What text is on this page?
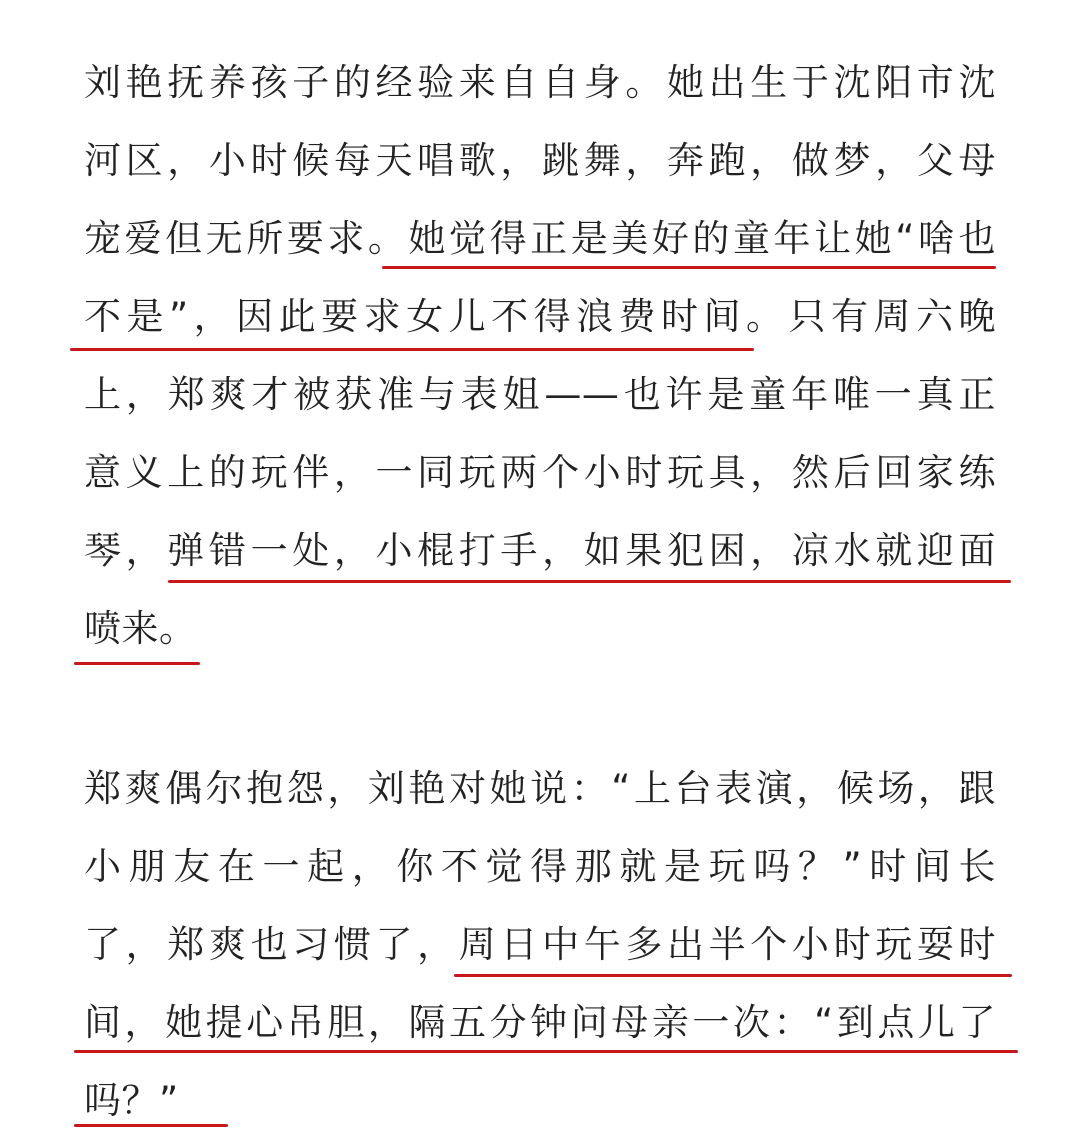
刘艳抚养孩子的经验来自自身。她出生于沈阳市沈
河区，小时候每天唱歌，跳舞，奔跑，做梦，父母
宠爱但无所要求。她觉得正是美好的童年让她“啥也
不是”，因此要求女儿不得浪费时间。只有周六晚
上，郑爽才被获准与表姐——也许是童年唯一真正
意义上的玩伴，一同玩两个小时玩具，然后回家练
琴，弹错一处，小棍打手，如果犯困，凉水就迎面
喷来。
郑爽偶尔抱怨，刘艳对她说：“上台表演，候场，跟
小朋友在一起，你不觉得那就是玩吗？”时间长
了，郑爽也习惯了，周日中午多出半个小时玩耍时
间，她提心吊胆，隔五分钟问母亲一次：“到点儿了
吗？”
